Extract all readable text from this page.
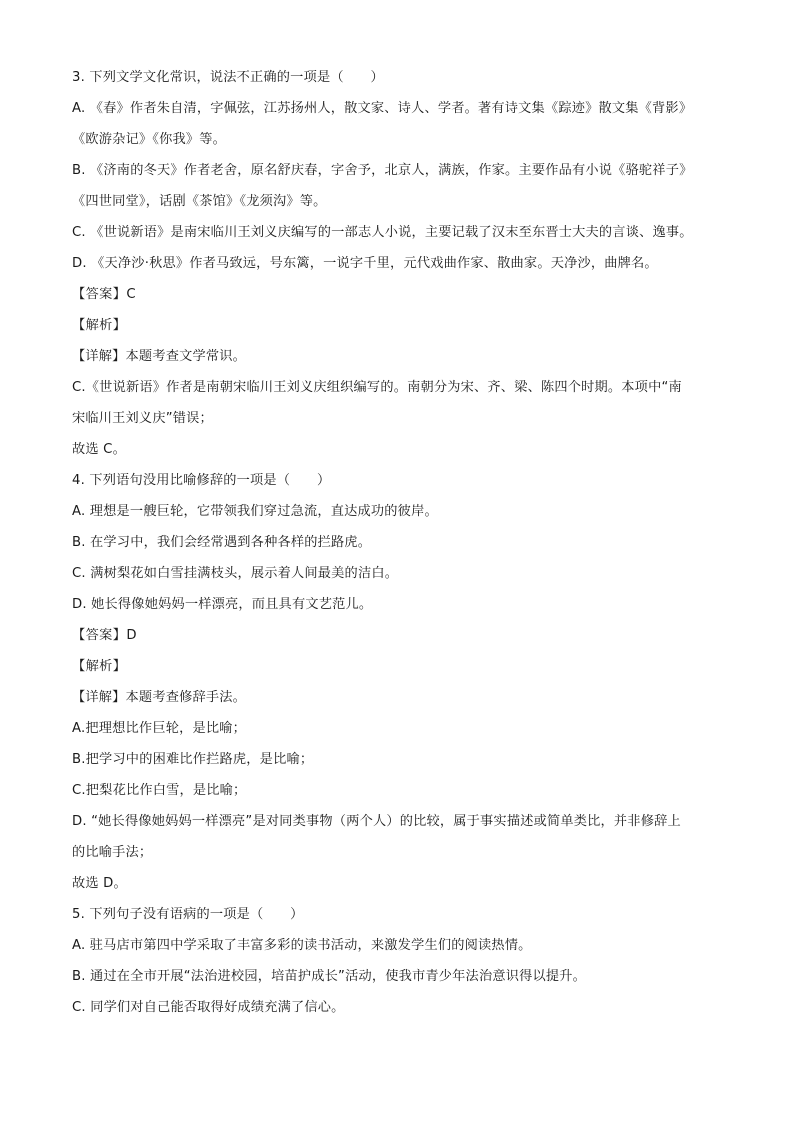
3. 下列文学文化常识，说法不正确的一项是（　　）
A. 《春》作者朱自清，字佩弦，江苏扬州人，散文家、诗人、学者。著有诗文集《踪迹》散文集《背影》
《欧游杂记》《你我》等。
B. 《济南的冬天》作者老舍，原名舒庆春，字舍予，北京人，满族，作家。主要作品有小说《骆驼祥子》
《四世同堂》，话剧《茶馆》《龙须沟》等。
C. 《世说新语》是南宋临川王刘义庆编写的一部志人小说，主要记载了汉末至东晋士大夫的言谈、逸事。
D. 《天净沙·秋思》作者马致远，号东篱，一说字千里，元代戏曲作家、散曲家。天净沙，曲牌名。
【答案】C
【解析】
【详解】本题考查文学常识。
C.《世说新语》作者是南朝宋临川王刘义庆组织编写的。南朝分为宋、齐、梁、陈四个时期。本项中“南
宋临川王刘义庆”错误；
故选 C。
4. 下列语句没用比喻修辞的一项是（　　）
A. 理想是一艘巨轮，它带领我们穿过急流，直达成功的彼岸。
B. 在学习中，我们会经常遇到各种各样的拦路虎。
C. 满树梨花如白雪挂满枝头，展示着人间最美的洁白。
D. 她长得像她妈妈一样漂亮，而且具有文艺范儿。
【答案】D
【解析】
【详解】本题考查修辞手法。
A.把理想比作巨轮，是比喻；
B.把学习中的困难比作拦路虎，是比喻；
C.把梨花比作白雪，是比喻；
D. “她长得像她妈妈一样漂亮”是对同类事物（两个人）的比较，属于事实描述或简单类比，并非修辞上
的比喻手法；
故选 D。
5. 下列句子没有语病的一项是（　　）
A. 驻马店市第四中学采取了丰富多彩的读书活动，来激发学生们的阅读热情。
B. 通过在全市开展“法治进校园，培苗护成长”活动，使我市青少年法治意识得以提升。
C. 同学们对自己能否取得好成绩充满了信心。
